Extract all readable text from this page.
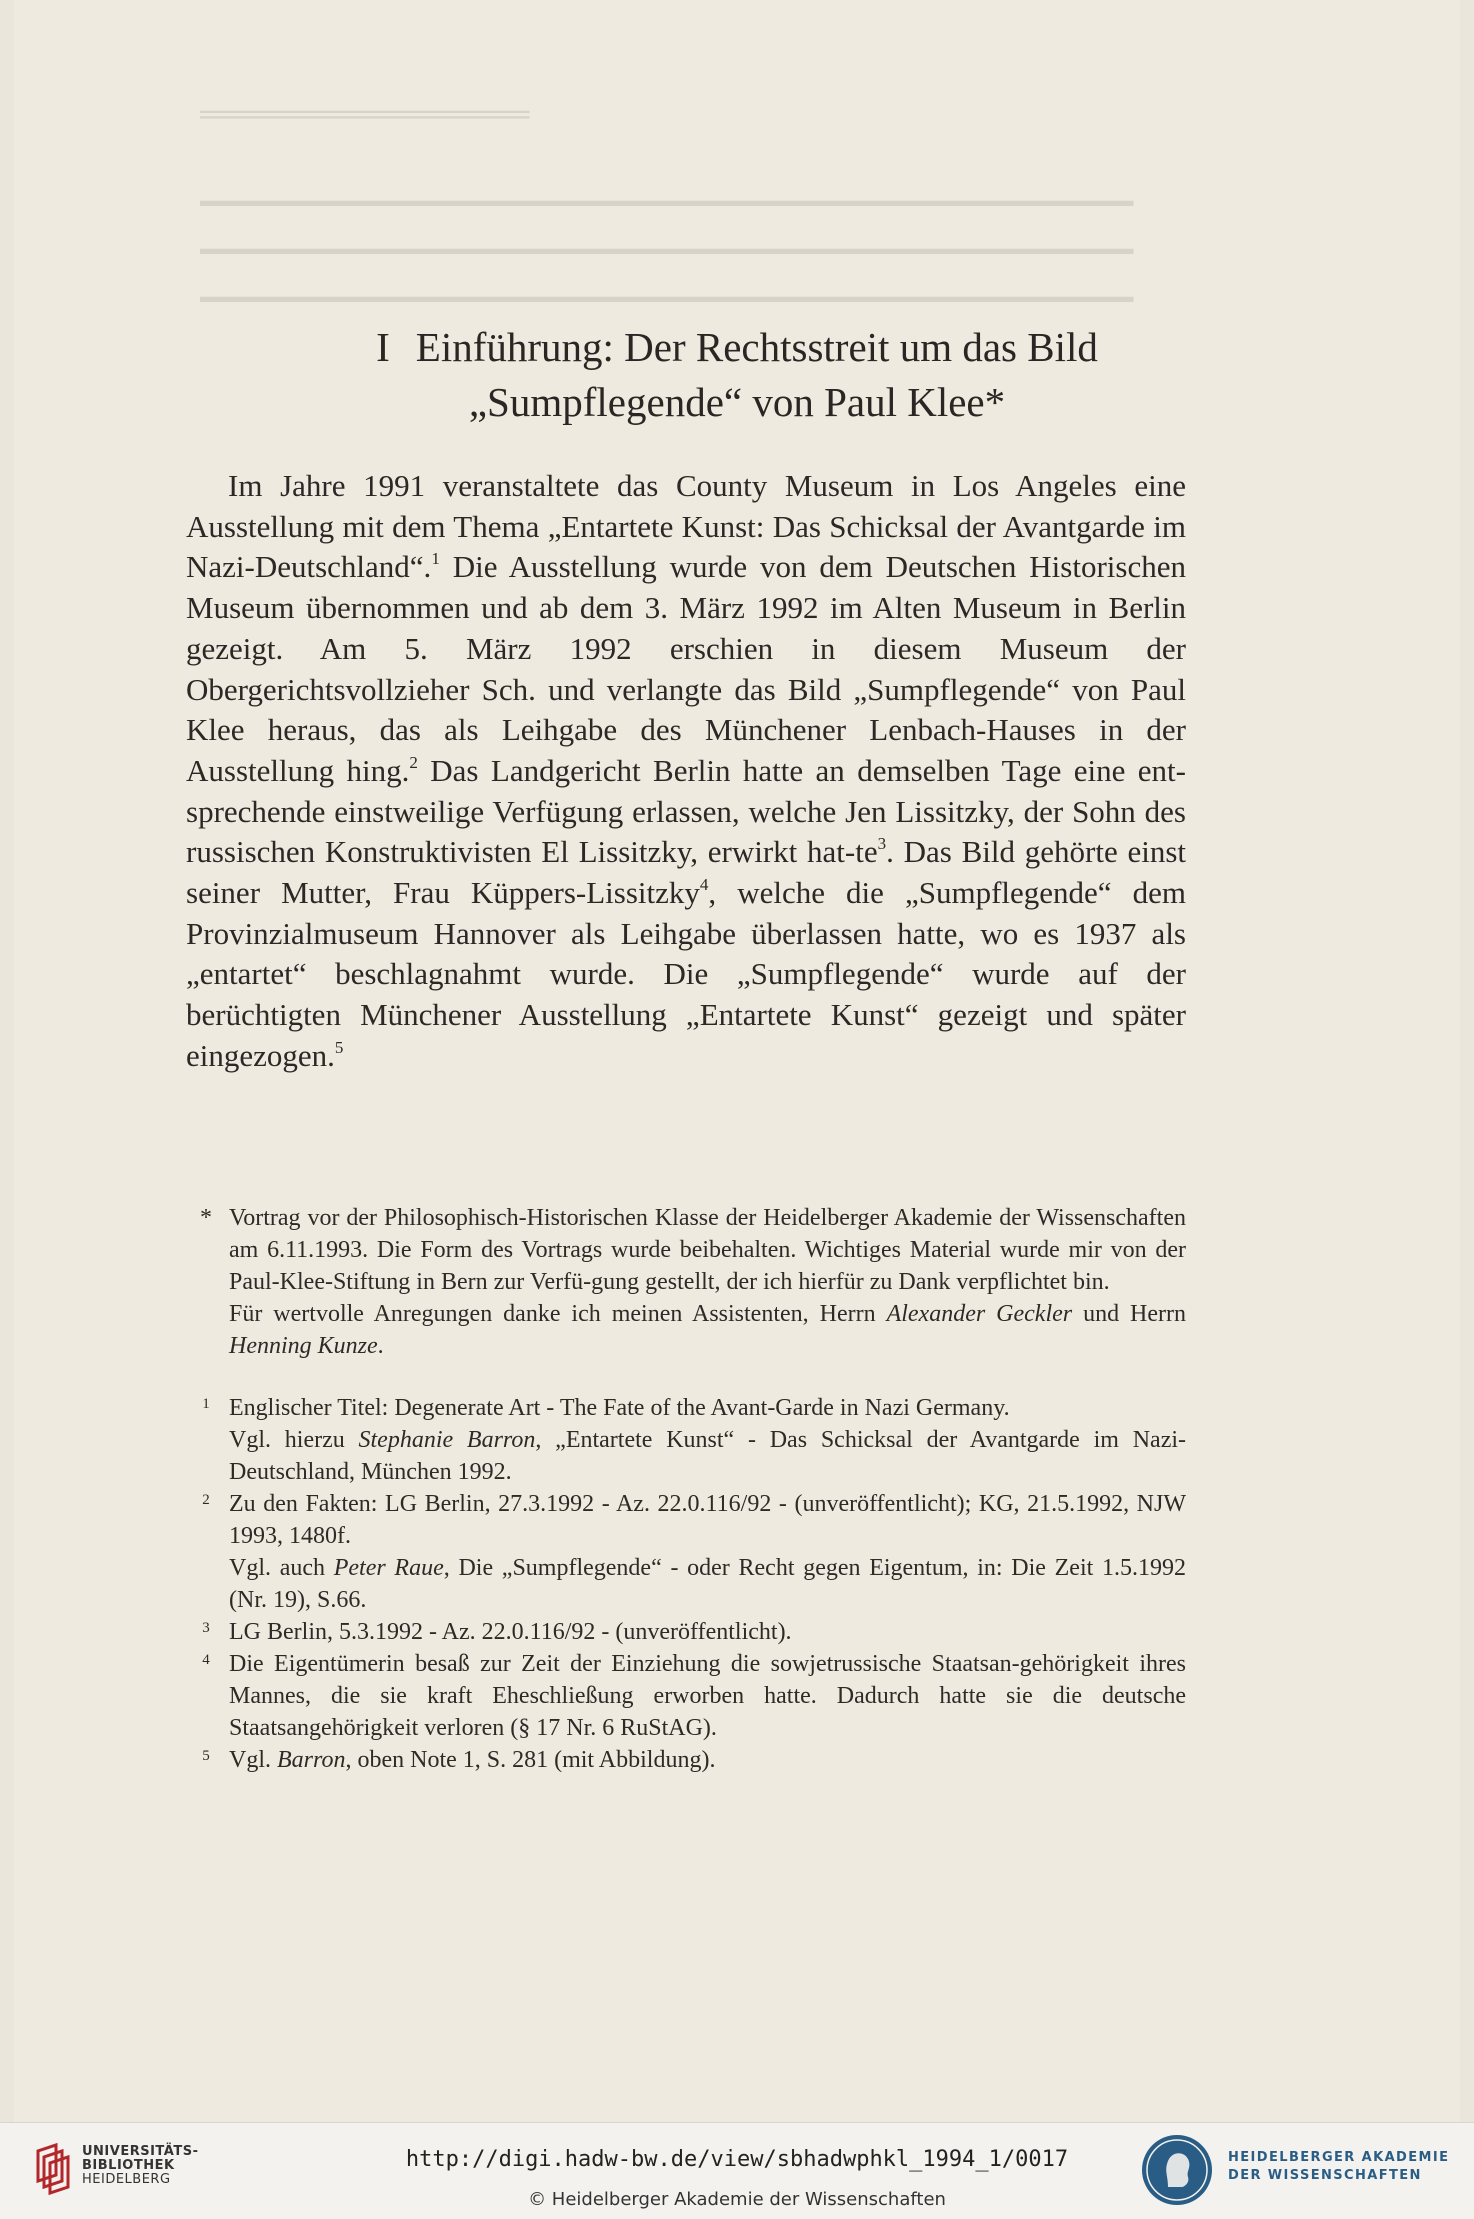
═══════════════
━━━━━━━━━━━━━━━━━━━━━━━━━━━━━━━━━━━━━━━━━━━━━━━━━━
━━━━━━━━━━━━━━━━━━━━━━━━━━━━━━━━━━━━━━━━━━━━━━━━━━
━━━━━━━━━━━━━━━━━━━━━━━━━━━━━━━━━━━━━━━━━━━━━━━━━━
I Einführung: Der Rechtsstreit um das Bild
„Sumpflegende“ von Paul Klee*

Im Jahre 1991 veranstaltete das County Museum in Los Angeles eine Ausstellung mit dem Thema „Entartete Kunst: Das Schicksal der Avantgarde im Nazi-Deutschland“.$^1$ Die Ausstellung wurde von dem Deutschen Historischen Museum übernommen und ab dem 3. März 1992 im Alten Museum in Berlin gezeigt. Am 5. März 1992 erschien in diesem Museum der Obergerichtsvollzieher Sch. und verlangte das Bild „Sumpflegende“ von Paul Klee heraus, das als Leihgabe des Münchener Lenbach-Hauses in der Ausstellung hing.$^2$ Das Landgericht Berlin hatte an demselben Tage eine ent-sprechende einstweilige Verfügung erlassen, welche Jen Lissitzky, der Sohn des russischen Konstruktivisten El Lissitzky, erwirkt hat-$te^3$. Das Bild gehörte einst seiner Mutter, Frau Küppers-Lissitzky$^4$, welche die „Sumpflegende“ dem Provinzialmuseum Hannover als Leihgabe überlassen hatte, wo es 1937 als „entartet“ beschlagnahmt wurde. Die „Sumpflegende“ wurde auf der berüchtigten Münchener Ausstellung „Entartete Kunst“ gezeigt und später eingezogen.$^5$

* Vortrag vor der Philosophisch-Historischen Klasse der Heidelberger Akademie der Wissenschaften am 6.11.1993. Die Form des Vortrags wurde beibehalten. Wichtiges Material wurde mir von der Paul-Klee-Stiftung in Bern zur Verfü-gung gestellt, der ich hierfür zu Dank verpflichtet bin.

Für wertvolle Anregungen danke ich meinen Assistenten, Herrn Alexander Geckler und Herrn Henning Kunze.

1 Englischer Titel: Degenerate Art - The Fate of the Avant-Garde in Nazi Germany.

Vgl. hierzu Stephanie Barron, „Entartete Kunst“ - Das Schicksal der Avantgarde im Nazi-Deutschland, München 1992.

2 Zu den Fakten: LG Berlin, 27.3.1992 - Az. 22.0.116/92 - (unveröffentlicht); KG, 21.5.1992, NJW 1993, 1480f.

Vgl. auch Peter Raue, Die „Sumpflegende“ - oder Recht gegen Eigentum, in: Die Zeit 1.5.1992 (Nr. 19), S.66.

3 LG Berlin, 5.3.1992 - Az. 22.0.116/92 - (unveröffentlicht).

4 Die Eigentümerin besaß zur Zeit der Einziehung die sowjetrussische Staatsan-gehörigkeit ihres Mannes, die sie kraft Eheschließung erworben hatte. Dadurch hatte sie die deutsche Staatsangehörigkeit verloren (§ 17 Nr. 6 RuStAG).

5 Vgl. Barron, oben Note 1, S. 281 (mit Abbildung).

UNIVERSITÄTS-
BIBLIOTHEK
HEIDELBERG
http://digi.hadw-bw.de/view/sbhadwphkl_1994_1/0017
© Heidelberger Akademie der Wissenschaften
HEIDELBERGER AKADEMIE
DER WISSENSCHAFTEN
